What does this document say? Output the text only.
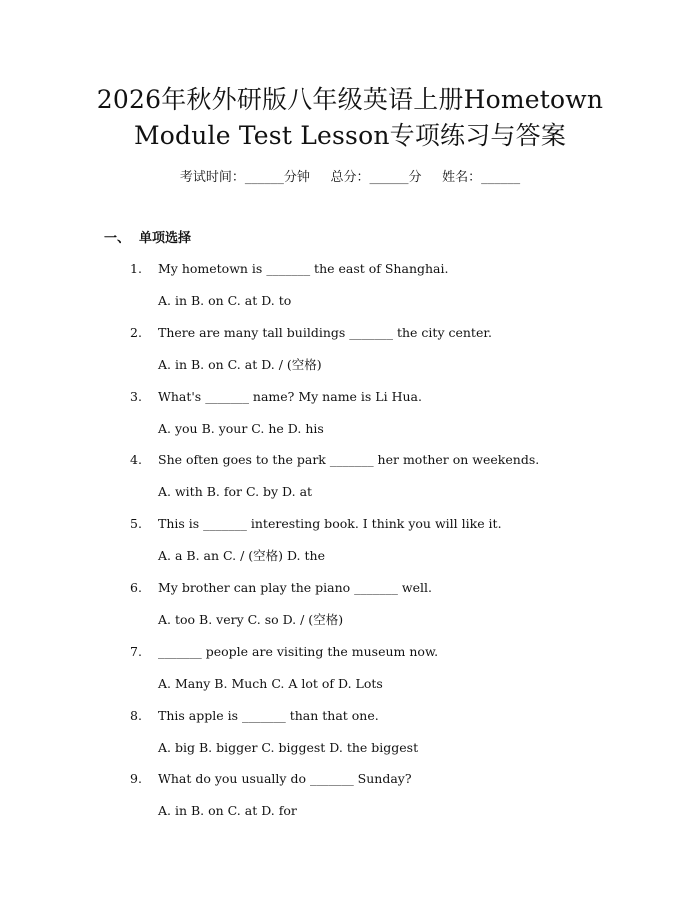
2026年秋外研版八年级英语上册Hometown
Module Test Lesson专项练习与答案
考试时间：______分钟     总分：______分     姓名：______
一、  单项选择
1. My hometown is _______ the east of Shanghai.
A. in B. on C. at D. to
2. There are many tall buildings _______ the city center.
A. in B. on C. at D. / (空格)
3. What's _______ name? My name is Li Hua.
A. you B. your C. he D. his
4. She often goes to the park _______ her mother on weekends.
A. with B. for C. by D. at
5. This is _______ interesting book. I think you will like it.
A. a B. an C. / (空格) D. the
6. My brother can play the piano _______ well.
A. too B. very C. so D. / (空格)
7. _______ people are visiting the museum now.
A. Many B. Much C. A lot of D. Lots
8. This apple is _______ than that one.
A. big B. bigger C. biggest D. the biggest
9. What do you usually do _______ Sunday?
A. in B. on C. at D. for
